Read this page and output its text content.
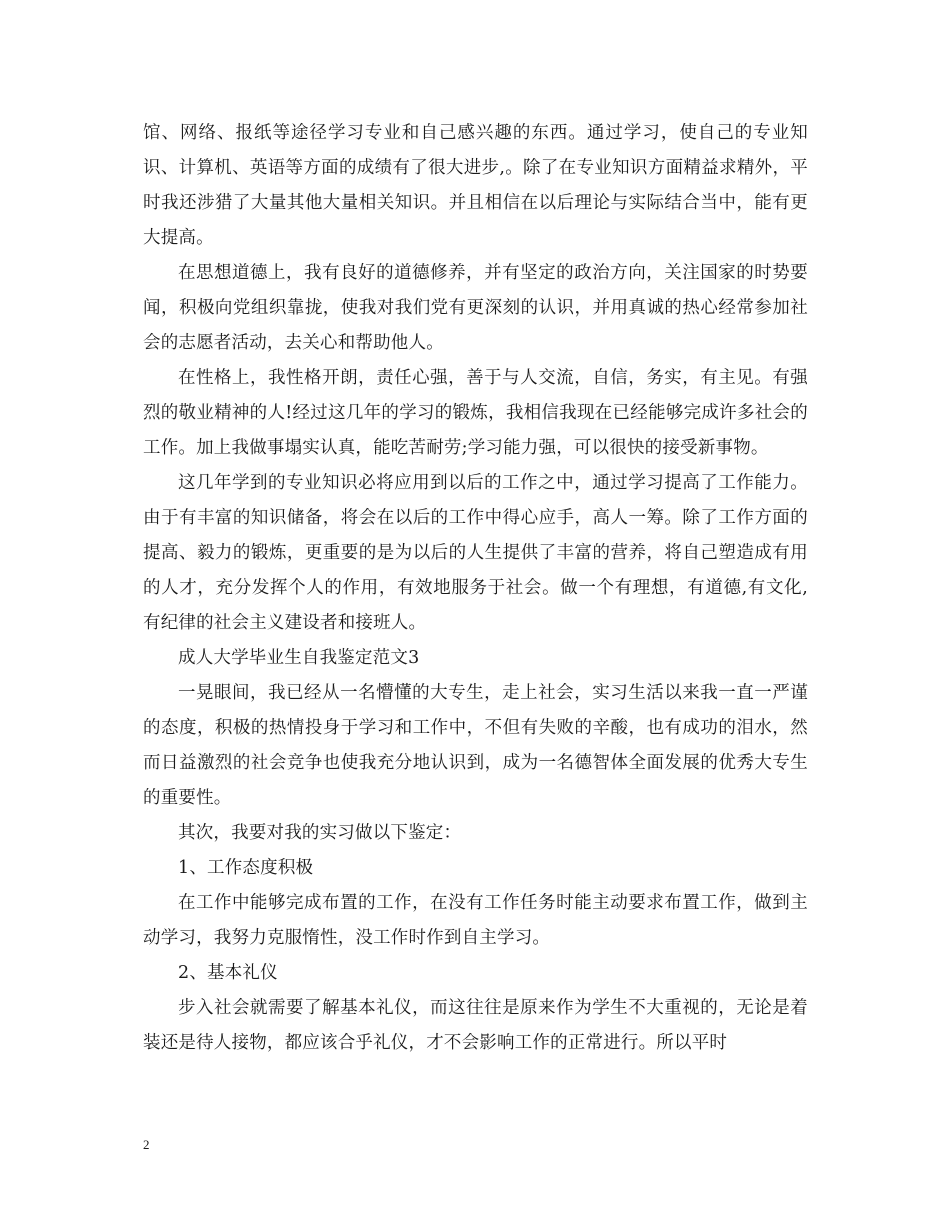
馆、网络、报纸等途径学习专业和自己感兴趣的东西。通过学习，使自己的专业知识、计算机、英语等方面的成绩有了很大进步,。除了在专业知识方面精益求精外，平时我还涉猎了大量其他大量相关知识。并且相信在以后理论与实际结合当中，能有更大提高。

在思想道德上，我有良好的道德修养，并有坚定的政治方向，关注国家的时势要闻，积极向党组织靠拢，使我对我们党有更深刻的认识，并用真诚的热心经常参加社会的志愿者活动，去关心和帮助他人。

在性格上，我性格开朗，责任心强，善于与人交流，自信，务实，有主见。有强烈的敬业精神的人!经过这几年的学习的锻炼，我相信我现在已经能够完成许多社会的工作。加上我做事塌实认真，能吃苦耐劳;学习能力强，可以很快的接受新事物。

这几年学到的专业知识必将应用到以后的工作之中，通过学习提高了工作能力。由于有丰富的知识储备，将会在以后的工作中得心应手，高人一筹。除了工作方面的提高、毅力的锻炼，更重要的是为以后的人生提供了丰富的营养，将自己塑造成有用的人才，充分发挥个人的作用，有效地服务于社会。做一个有理想，有道德,有文化,有纪律的社会主义建设者和接班人。

成人大学毕业生自我鉴定范文3

一晃眼间，我已经从一名懵懂的大专生，走上社会，实习生活以来我一直一严谨的态度，积极的热情投身于学习和工作中，不但有失败的辛酸，也有成功的泪水，然而日益激烈的社会竞争也使我充分地认识到，成为一名德智体全面发展的优秀大专生的重要性。

其次，我要对我的实习做以下鉴定：

1、工作态度积极

在工作中能够完成布置的工作，在没有工作任务时能主动要求布置工作，做到主动学习，我努力克服惰性，没工作时作到自主学习。

2、基本礼仪

步入社会就需要了解基本礼仪，而这往往是原来作为学生不大重视的，无论是着装还是待人接物，都应该合乎礼仪，才不会影响工作的正常进行。所以平时

2
